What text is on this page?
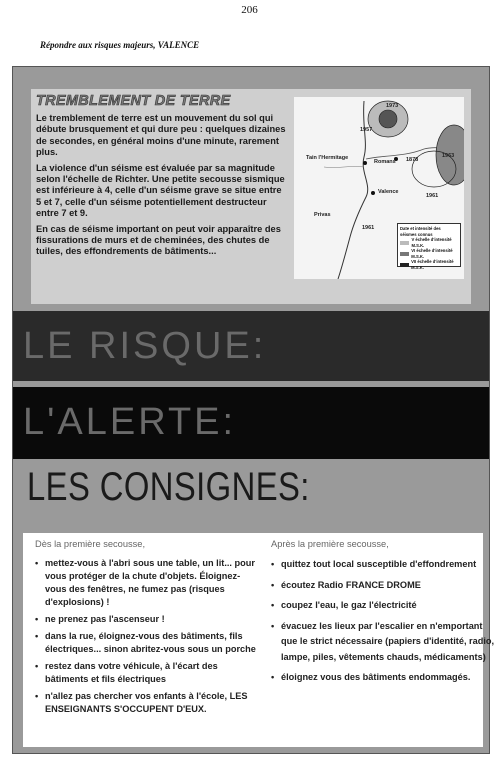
206
Répondre aux risques majeurs, VALENCE
TREMBLEMENT DE TERRE

Le tremblement de terre est un mouvement du sol qui débute brusquement et qui dure peu : quelques dizaines de secondes, en général moins d'une minute, rarement plus.

La violence d'un séisme est évaluée par sa magnitude selon l'échelle de Richter. Une petite secousse sismique est inférieure à 4, celle d'un séisme grave se situe entre 5 et 7, celle d'un séisme potentiellement destructeur entre 7 et 9.

En cas de séisme important on peut voir apparaître des fissurations de murs et de cheminées, des chutes de tuiles, des effondrements de bâtiments...

Tain l'Hermitage
Romans
Valence
Privas
1957
1973
1878
1963
1961
1961	Date et intensité des séismes connus
V échelle d'intensité M.S.K.
VI échelle d'intensité M.S.K.
VII échelle d'intensité M.S.K.
LE RISQUE:
L'ALERTE:
LES CONSIGNES:
Dès la première secousse,
• mettez-vous à l'abri sous une table, un lit... pour vous protéger de la chute d'objets. Éloignez-vous des fenêtres, ne fumez pas (risques d'explosions) !
• ne prenez pas l'ascenseur !
• dans la rue, éloignez-vous des bâtiments, fils électriques... sinon abritez-vous sous un porche
• restez dans votre véhicule, à l'écart des bâtiments et fils électriques
• n'allez pas chercher vos enfants à l'école, LES ENSEIGNANTS S'OCCUPENT D'EUX.
Après la première secousse,
• quittez tout local susceptible d'effondrement
• écoutez Radio FRANCE DROME
• coupez l'eau, le gaz l'électricité
• évacuez les lieux par l'escalier en n'emportant que le strict nécessaire (papiers d'identité, radio, lampe, piles, vêtements chauds, médicaments)
• éloignez vous des bâtiments endommagés.
